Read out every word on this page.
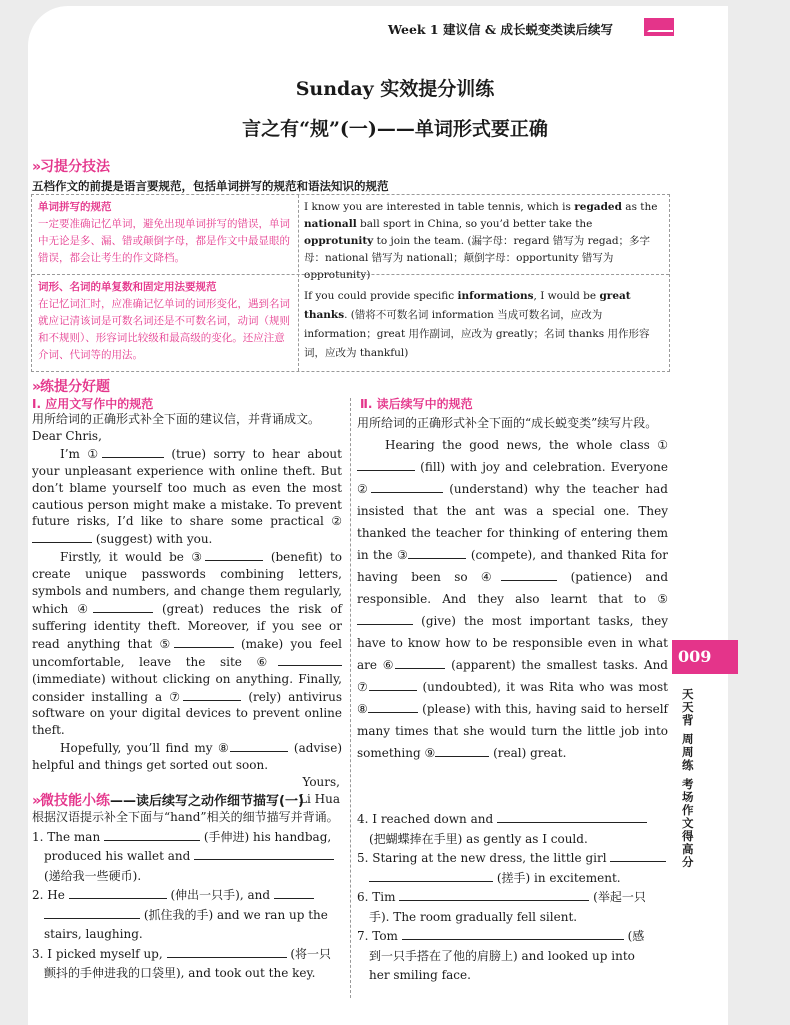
Week 1 建议信 & 成长蜕变类读后续写
Sunday 实效提分训练
言之有“规”(一)——单词形式要正确
» 习提分技法
五档作文的前提是语言要规范，包括单词拼写的规范和语法知识的规范
单词拼写的规范
一定要准确记忆单词，避免出现单词拼写的错误，单词中无论是多、漏、错或颠倒字母，都是作文中最显眼的错误，都会让考生的作文降档。
I know you are interested in table tennis, which is regaded as the nationall ball sport in China, so you’d better take the opprotunity to join the team. (漏字母：regard 错写为 regad；多字母：national 错写为 nationall；颠倒字母：opportunity 错写为 opprotunity)
词形、名词的单复数和固定用法要规范
在记忆词汇时，应准确记忆单词的词形变化，遇到名词就应记清该词是可数名词还是不可数名词，动词（规则和不规则）、形容词比较级和最高级的变化。还应注意介词、代词等的用法。
If you could provide specific informations, I would be great thanks. (错将不可数名词 information 当成可数名词，应改为 information；great 用作副词，应改为 greatly；名词 thanks 用作形容词，应改为 thankful)
» 练提分好题
Ⅰ. 应用文写作中的规范

用所给词的正确形式补全下面的建议信，并背诵成文。

Dear Chris,

I’m ①	(true) sorry to hear about your unpleasant experience with online theft. But don’t blame yourself too much as even the most cautious person might make a mistake. To prevent future risks, I’d like to share some practical ② (suggest) with you.

Firstly, it would be ③	(benefit) to create unique passwords combining letters, symbols and numbers, and change them regularly, which ④	(great) reduces the risk of suffering identity theft. Moreover, if you see or read anything that ⑤	(make) you feel uncomfortable, leave the site ⑥ (immediate) without clicking on anything. Finally, consider installing a ⑦	(rely) antivirus software on your digital devices to prevent online theft.

Hopefully, you’ll find my ⑧	(advise) helpful and things get sorted out soon.

Yours,

Li Hua

Ⅱ. 读后续写中的规范

用所给词的正确形式补全下面的“成长蜕变类”续写片段。

Hearing the good news, the whole class ① (fill) with joy and celebration. Everyone ②	(understand) why the teacher had insisted that the ant was a special one. They thanked the teacher for thinking of entering them in the ③	(compete), and thanked Rita for having been so ④	(patience) and responsible. And they also learnt that to ⑤ (give) the most important tasks, they have to know how to be responsible even in what are ⑥	(apparent) the smallest tasks. And ⑦	(undoubted), it was Rita who was most ⑧	(please) with this, having said to herself many times that she would turn the little job into something ⑨	(real) great.

» 微技能小练——读后续写之动作细节描写(一)

根据汉语提示补全下面与“hand”相关的细节描写并背诵。

1. The man	(手伸进) his handbag,

produced his wallet and

(递给我一些硬币).

2. He	(伸出一只手), and

(抓住我的手) and we ran up the

stairs, laughing.

3. I picked myself up,	(将一只

颤抖的手伸进我的口袋里), and took out the key.

4. I reached down and

(把蝴蝶捧在手里) as gently as I could.

5. Staring at the new dress, the little girl

(搓手) in excitement.

6. Tim	(举起一只

手). The room gradually fell silent.

7. Tom	(感

到一只手搭在了他的肩膀上) and looked up into

her smiling face.

009
天天背
周周练
考场作文得高分
